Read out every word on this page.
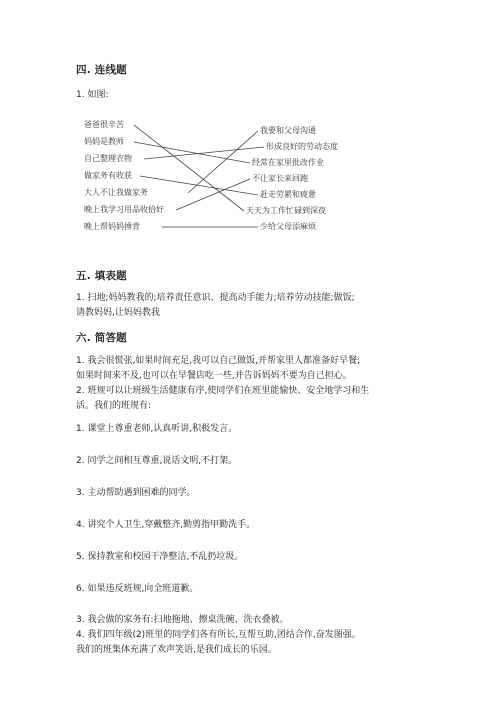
四. 连线题
1. 如图:
爸爸很辛苦
妈妈是教师
自己整理衣物
做家务有收获
大人不让我做家务
晚上我学习用品收拾好
晚上帮妈妈捶背
我要和父母沟通
形成良好的劳动态度
经常在家里批改作业
不让家长来回跑
赶走劳累和疲惫
天天为工作忙碌到深夜
少给父母添麻烦
五. 填表题
1. 扫地;妈妈教我的;培养责任意识、提高动手能力;培养劳动技能;做饭;
请教妈妈,让妈妈教我
六. 简答题
1. 我会很慌张,如果时间充足,我可以自己做饭,并帮家里人都准备好早餐;
如果时间来不及,也可以在早餐店吃一些,并告诉妈妈不要为自己担心。
2. 班规可以让班级生活健康有序,使同学们在班里能愉快、安全地学习和生
活。我们的班规有:
1. 课堂上尊重老师,认真听讲,积极发言。
2. 同学之间相互尊重,说话文明,不打架。
3. 主动帮助遇到困难的同学。
4. 讲究个人卫生,穿戴整齐,勤剪指甲勤洗手。
5. 保持教室和校园干净整洁,不乱扔垃圾。
6. 如果违反班规,向全班道歉。
3. 我会做的家务有:扫地拖地、擦桌洗碗、洗衣叠被。
4. 我们四年级(2)班里的同学们各有所长,互帮互助,团结合作,奋发图强。
我们的班集体充满了欢声笑语,是我们成长的乐园。
